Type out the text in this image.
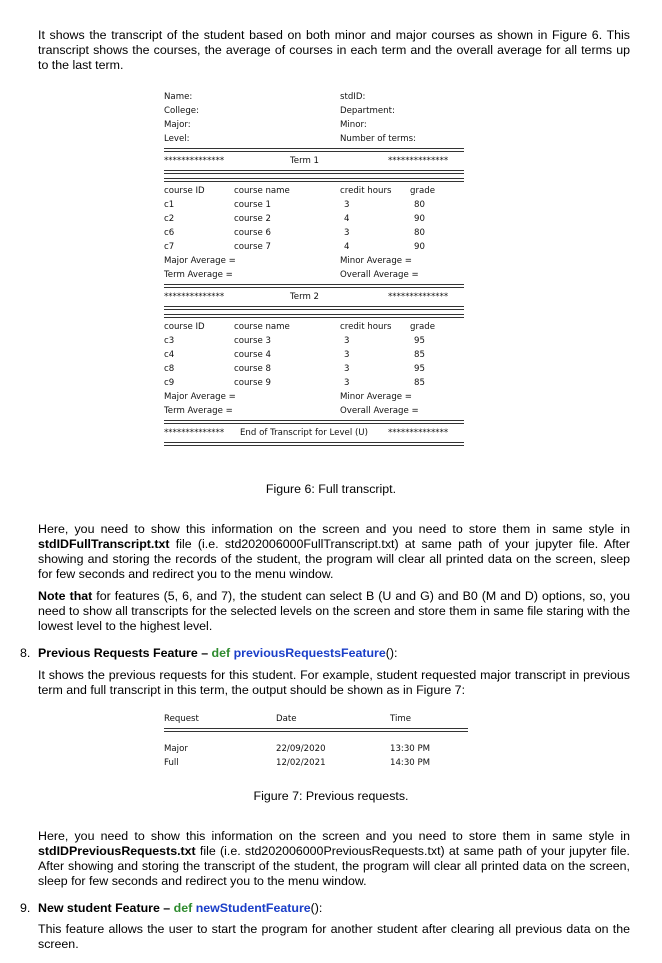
It shows the transcript of the student based on both minor and major courses as shown in Figure 6. This transcript shows the courses, the average of courses in each term and the overall average for all terms up to the last term.

Name:	stdID:
College:	Department:
Major:	Minor:
Level:	Number of terms:
**************	Term 1	**************
course ID	course name	credit hours grade
c1	course 1	3	80
c2	course 2	4	90
c6	course 6	3	80
c7	course 7	4	90
Major Average =	Minor Average =
Term Average =	Overall Average =
**************	Term 2	**************
course ID	course name	credit hours grade
c3	course 3	3	95
c4	course 4	3	85
c8	course 8	3	95
c9	course 9	3	85
Major Average =	Minor Average =
Term Average =	Overall Average =
************** End of Transcript for Level (U) **************
Figure 6: Full transcript.

Here, you need to show this information on the screen and you need to store them in same style in stdIDFullTranscript.txt file (i.e. std202006000FullTranscript.txt) at same path of your jupyter file. After showing and storing the records of the student, the program will clear all printed data on the screen, sleep for few seconds and redirect you to the menu window.

Note that for features (5, 6, and 7), the student can select B (U and G) and B0 (M and D) options, so, you need to show all transcripts for the selected levels on the screen and store them in same file staring with the lowest level to the highest level.

8. Previous Requests Feature – def previousRequestsFeature():

It shows the previous requests for this student. For example, student requested major transcript in previous term and full transcript in this term, the output should be shown as in Figure 7:

Request	Date	Time
Major	22/09/2020	13:30 PM
Full	12/02/2021	14:30 PM
Figure 7: Previous requests.

Here, you need to show this information on the screen and you need to store them in same style in stdIDPreviousRequests.txt file (i.e. std202006000PreviousRequests.txt) at same path of your jupyter file. After showing and storing the transcript of the student, the program will clear all printed data on the screen, sleep for few seconds and redirect you to the menu window.

9. New student Feature – def newStudentFeature():

This feature allows the user to start the program for another student after clearing all previous data on the screen.
